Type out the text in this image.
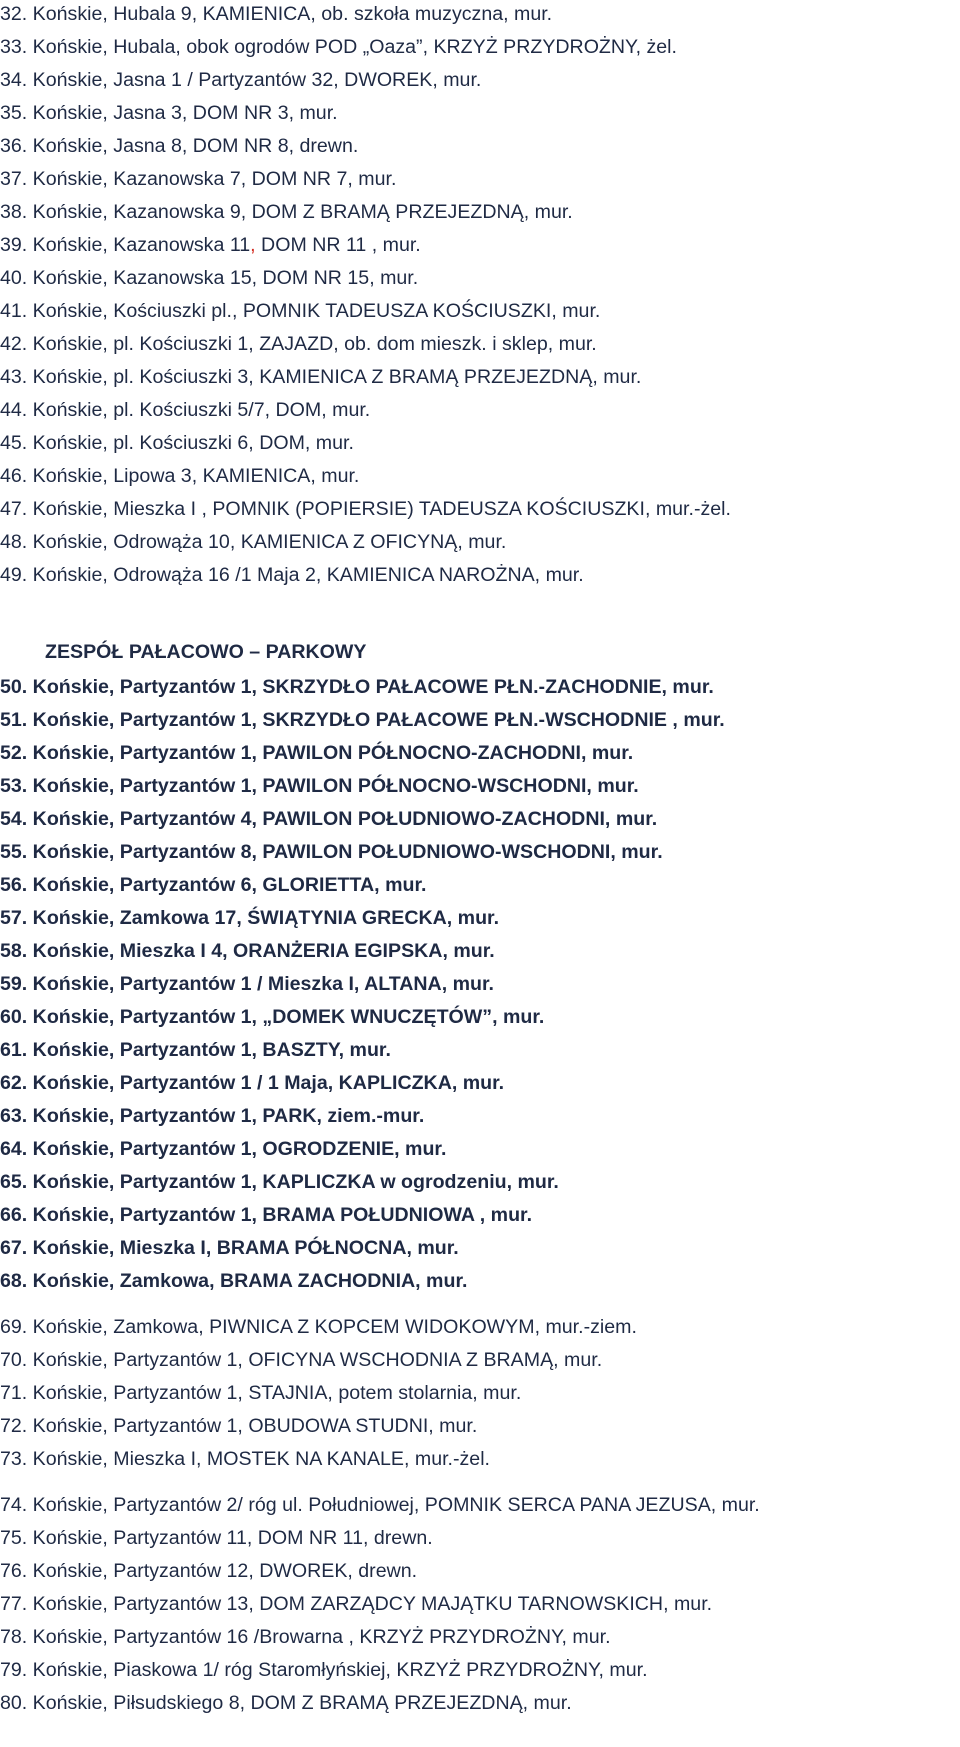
32. Końskie, Hubala 9, KAMIENICA, ob. szkoła muzyczna, mur.
33. Końskie, Hubala, obok ogrodów POD „Oaza”, KRZYŻ PRZYDROŻNY, żel.
34. Końskie, Jasna 1 / Partyzantów 32, DWOREK, mur.
35. Końskie, Jasna 3, DOM NR 3, mur.
36. Końskie, Jasna 8, DOM NR 8, drewn.
37. Końskie, Kazanowska 7, DOM NR 7, mur.
38. Końskie, Kazanowska 9, DOM Z BRAMĄ PRZEJEZDNĄ, mur.
39. Końskie, Kazanowska 11, DOM NR 11 , mur.
40. Końskie, Kazanowska 15, DOM NR 15, mur.
41. Końskie, Kościuszki pl., POMNIK TADEUSZA KOŚCIUSZKI, mur.
42. Końskie, pl. Kościuszki 1, ZAJAZD, ob. dom mieszk. i sklep, mur.
43. Końskie, pl. Kościuszki 3, KAMIENICA Z BRAMĄ PRZEJEZDNĄ, mur.
44. Końskie, pl. Kościuszki 5/7, DOM, mur.
45. Końskie, pl. Kościuszki 6, DOM, mur.
46. Końskie, Lipowa 3, KAMIENICA, mur.
47. Końskie, Mieszka I , POMNIK (POPIERSIE) TADEUSZA KOŚCIUSZKI, mur.-żel.
48. Końskie, Odrowąża 10, KAMIENICA Z OFICYNĄ, mur.
49. Końskie, Odrowąża 16 /1 Maja 2, KAMIENICA NAROŻNA, mur.
ZESPÓŁ PAŁACOWO – PARKOWY
50. Końskie, Partyzantów 1, SKRZYDŁO PAŁACOWE PŁN.-ZACHODNIE, mur.
51. Końskie, Partyzantów 1, SKRZYDŁO PAŁACOWE PŁN.-WSCHODNIE , mur.
52. Końskie, Partyzantów 1, PAWILON PÓŁNOCNO-ZACHODNI, mur.
53. Końskie, Partyzantów 1, PAWILON PÓŁNOCNO-WSCHODNI, mur.
54. Końskie, Partyzantów 4, PAWILON POŁUDNIOWO-ZACHODNI, mur.
55. Końskie, Partyzantów 8, PAWILON POŁUDNIOWO-WSCHODNI, mur.
56. Końskie, Partyzantów 6, GLORIETTA, mur.
57. Końskie, Zamkowa 17, ŚWIĄTYNIA GRECKA, mur.
58. Końskie, Mieszka I 4, ORANŻERIA EGIPSKA, mur.
59. Końskie, Partyzantów 1 / Mieszka I, ALTANA, mur.
60. Końskie, Partyzantów 1, „DOMEK WNUCZĘTÓW”, mur.
61. Końskie, Partyzantów 1, BASZTY, mur.
62. Końskie, Partyzantów 1 / 1 Maja, KAPLICZKA, mur.
63. Końskie, Partyzantów 1, PARK, ziem.-mur.
64. Końskie, Partyzantów 1, OGRODZENIE, mur.
65. Końskie, Partyzantów 1, KAPLICZKA w ogrodzeniu, mur.
66. Końskie, Partyzantów 1, BRAMA POŁUDNIOWA , mur.
67. Końskie, Mieszka I, BRAMA PÓŁNOCNA, mur.
68. Końskie, Zamkowa, BRAMA ZACHODNIA, mur.
69. Końskie, Zamkowa, PIWNICA Z KOPCEM WIDOKOWYM, mur.-ziem.
70. Końskie, Partyzantów 1, OFICYNA WSCHODNIA Z BRAMĄ, mur.
71. Końskie, Partyzantów 1, STAJNIA, potem stolarnia, mur.
72. Końskie, Partyzantów 1, OBUDOWA STUDNI, mur.
73. Końskie, Mieszka I, MOSTEK NA KANALE, mur.-żel.
74. Końskie, Partyzantów 2/ róg ul. Południowej, POMNIK SERCA PANA JEZUSA, mur.
75. Końskie, Partyzantów 11, DOM NR 11, drewn.
76. Końskie, Partyzantów 12, DWOREK, drewn.
77. Końskie, Partyzantów 13, DOM ZARZĄDCY MAJĄTKU TARNOWSKICH, mur.
78. Końskie, Partyzantów 16 /Browarna , KRZYŻ PRZYDROŻNY, mur.
79. Końskie, Piaskowa 1/ róg Staromłyńskiej, KRZYŻ PRZYDROŻNY, mur.
80. Końskie, Piłsudskiego 8, DOM Z BRAMĄ PRZEJEZDNĄ, mur.
